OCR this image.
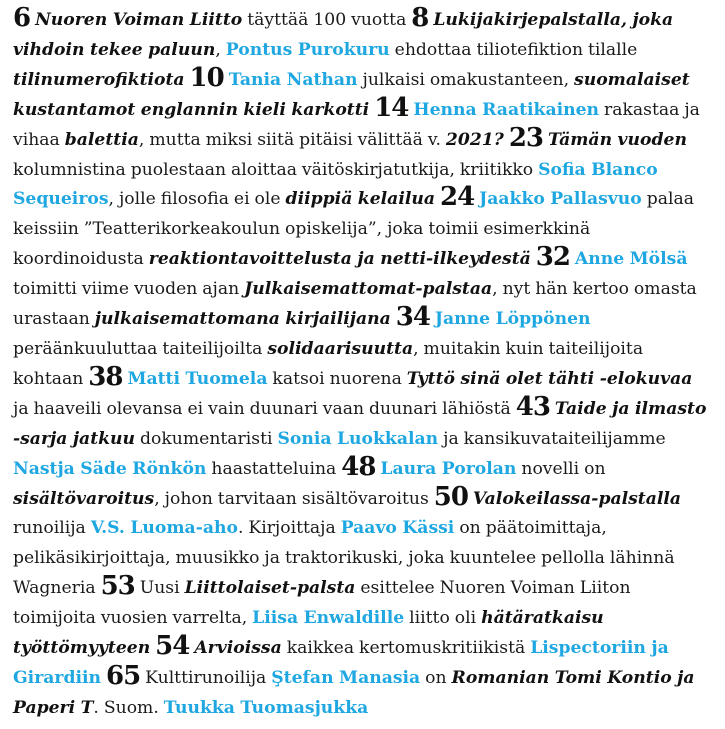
6 Nuoren Voiman Liitto täyttää 100 vuotta 8 Lukijakirjepalstalla, joka vihdoin tekee paluun, Pontus Purokuru ehdottaa tiliotefiktion tilalle tilinumerofiktiota 10 Tania Nathan julkaisi omakustanteen, suomalaiset kustantamot englannin kieli karkotti 14 Henna Raatikainen rakastaa ja vihaa balettia, mutta miksi siitä pitäisi välittää v. 2021? 23 Tämän vuoden kolumnistina puolestaan aloittaa väitöskirjatutkija, kriitikko Sofia Blanco Sequeiros, jolle filosofia ei ole diippiä kelailua 24 Jaakko Pallasvuo palaa keissiin ”Teatterikorkeakoulun opiskelija”, joka toimii esimerkkinä koordinoidusta reaktiontavoittelusta ja netti-ilkeydestä 32 Anne Mölsä toimitti viime vuoden ajan Julkaisemattomat-palstaa, nyt hän kertoo omasta urastaan julkaisemattomana kirjailijana 34 Janne Löppönen peräänkuuluttaa taiteilijoilta solidaarisuutta, muitakin kuin taiteilijoita kohtaan 38 Matti Tuomela katsoi nuorena Tyttö sinä olet tähti -elokuvaa ja haaveili olevansa ei vain duunari vaan duunari lähiöstä 43 Taide ja ilmasto -sarja jatkuu dokumentaristi Sonia Luokkalan ja kansikuvataiteilijamme Nastja Säde Rönkön haastatteluina 48 Laura Porolan novelli on sisältövaroitus, johon tarvitaan sisältövaroitus 50 Valokeilassa-palstalla runoilija V.S. Luoma-aho. Kirjoittaja Paavo Kässi on päätoimittaja, pelikäsikirjoittaja, muusikko ja traktorikuski, joka kuuntelee pellolla lähinnä Wagneria 53 Uusi Liittolaiset-palsta esittelee Nuoren Voiman Liiton toimijoita vuosien varrelta, Liisa Enwaldille liitto oli hätäratkaisu työttömyyteen 54 Arvioissa kaikkea kertomuskritiikistä Lispectoriin ja Girardiin 65 Kulttirunoilija Ştefan Manasia on Romanian Tomi Kontio ja Paperi T. Suom. Tuukka Tuomasjukka
